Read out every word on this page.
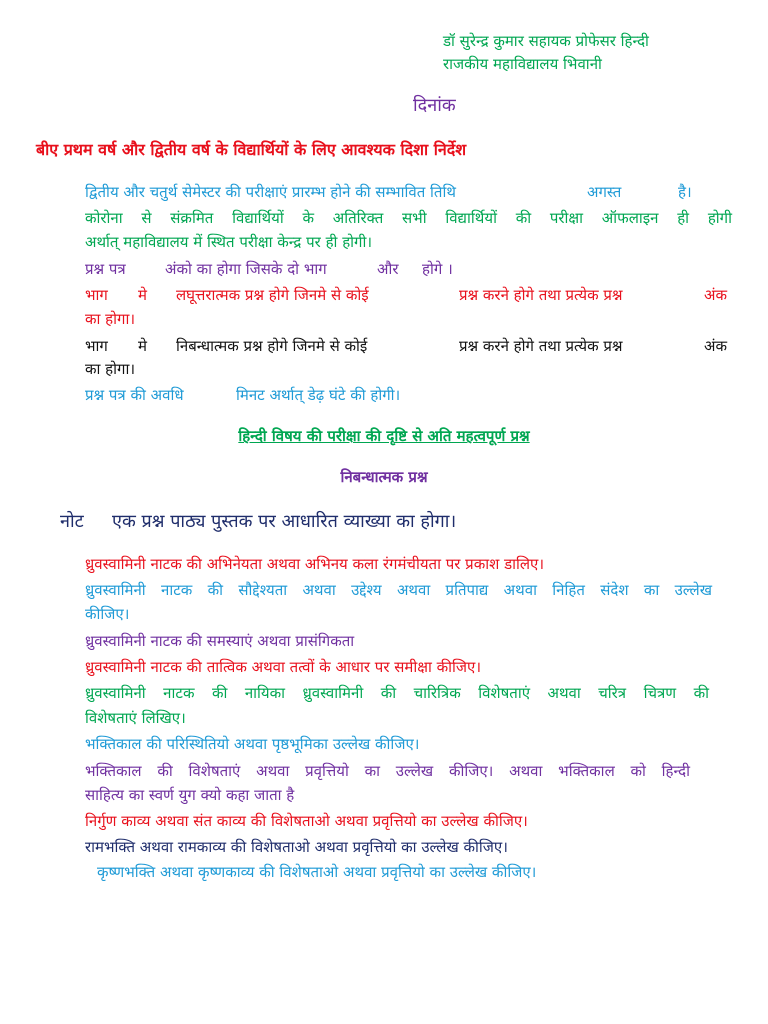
डॉ सुरेन्द्र कुमार सहायक प्रोफेसर हिन्दी
राजकीय महाविद्यालय भिवानी
दिनांक
बीए प्रथम वर्ष और द्वितीय वर्ष के विद्यार्थियों के लिए आवश्यक दिशा निर्देश
द्वितीय और चतुर्थ सेमेस्टर की परीक्षाएं प्रारम्भ होने की सम्भावित तिथि	अगस्त	है।
कोरोना से संक्रमित विद्यार्थियों के अतिरिक्त सभी विद्यार्थियों की परीक्षा ऑफलाइन ही होगी
अर्थात् महाविद्यालय में स्थित परीक्षा केन्द्र पर ही होगी।
प्रश्न पत्र	अंको का होगा जिसके दो भाग	और होगे ।
भाग मे लघूत्तरात्मक प्रश्न होगे जिनमे से कोई	प्रश्न करने होगे तथा प्रत्येक प्रश्न	अंक
का होगा।
भाग मे निबन्धात्मक प्रश्न होगे जिनमे से कोई	प्रश्न करने होगे तथा प्रत्येक प्रश्न	अंक
का होगा।
प्रश्न पत्र की अवधि	मिनट अर्थात् डेढ़ घंटे की होगी।
हिन्दी विषय की परीक्षा की दृष्टि से अति महत्वपूर्ण प्रश्न
निबन्धात्मक प्रश्न
नोट एक प्रश्न पाठ्य पुस्तक पर आधारित व्याख्या का होगा।
ध्रुवस्वामिनी नाटक की अभिनेयता अथवा अभिनय कला रंगमंचीयता पर प्रकाश डालिए।
ध्रुवस्वामिनी नाटक की सौद्देश्यता अथवा उद्देश्य अथवा प्रतिपाद्य अथवा निहित संदेश का उल्लेख
कीजिए।
ध्रुवस्वामिनी नाटक की समस्याएं अथवा प्रासंगिकता
ध्रुवस्वामिनी नाटक की तात्विक अथवा तत्वों के आधार पर समीक्षा कीजिए।
ध्रुवस्वामिनी नाटक की नायिका ध्रुवस्वामिनी की चारित्रिक विशेषताएं अथवा चरित्र चित्रण की
विशेषताएं लिखिए।
भक्तिकाल की परिस्थितियो अथवा पृष्ठभूमिका उल्लेख कीजिए।
भक्तिकाल की विशेषताएं अथवा प्रवृत्तियो का उल्लेख कीजिए। अथवा भक्तिकाल को हिन्दी
साहित्य का स्वर्ण युग क्यो कहा जाता है
निर्गुण काव्य अथवा संत काव्य की विशेषताओ अथवा प्रवृत्तियो का उल्लेख कीजिए।
रामभक्ति अथवा रामकाव्य की विशेषताओ अथवा प्रवृत्तियो का उल्लेख कीजिए।
कृष्णभक्ति अथवा कृष्णकाव्य की विशेषताओ अथवा प्रवृत्तियो का उल्लेख कीजिए।
